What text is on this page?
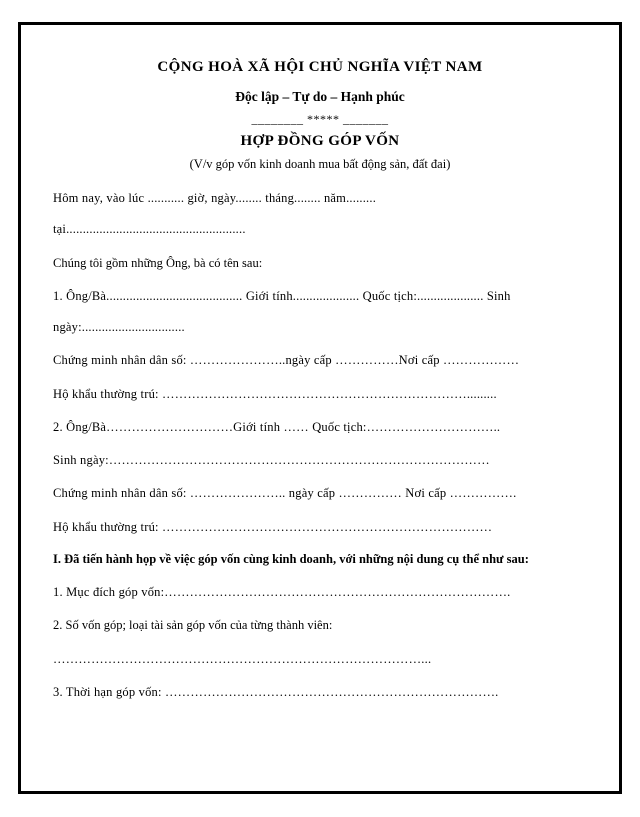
CỘNG HOÀ XÃ HỘI CHỦ NGHĨA VIỆT NAM
Độc lập – Tự do – Hạnh phúc
________ ***** _______
HỢP ĐỒNG GÓP VỐN
(V/v góp vốn kinh doanh mua bất động sản, đất đai)

Hôm nay, vào lúc ........... giờ, ngày........ tháng........ năm.........

tại......................................................

Chúng tôi gồm những Ông, bà có tên sau:

1. Ông/Bà......................................... Giới tính.................... Quốc tịch:.................... Sinh

ngày:...............................

Chứng minh nhân dân số: …………………..ngày cấp ……………Nơi cấp ………………

Hộ khẩu thường trú: ……………………………………………………………….........

2. Ông/Bà…………………………Giới tính …… Quốc tịch:…………………………..

Sinh ngày:………………………………………………………………………………

Chứng minh nhân dân số: ………………….. ngày cấp …………… Nơi cấp …………….

Hộ khẩu thường trú: ……………………………………………………………………

I. Đã tiến hành họp về việc góp vốn cùng kinh doanh, với những nội dung cụ thể như sau:

1. Mục đích góp vốn:……………………………………………………………………….

2. Số vốn góp; loại tài sản góp vốn của từng thành viên:

……………………………………………………………………………...

3. Thời hạn góp vốn: …………………………………………………………………….
